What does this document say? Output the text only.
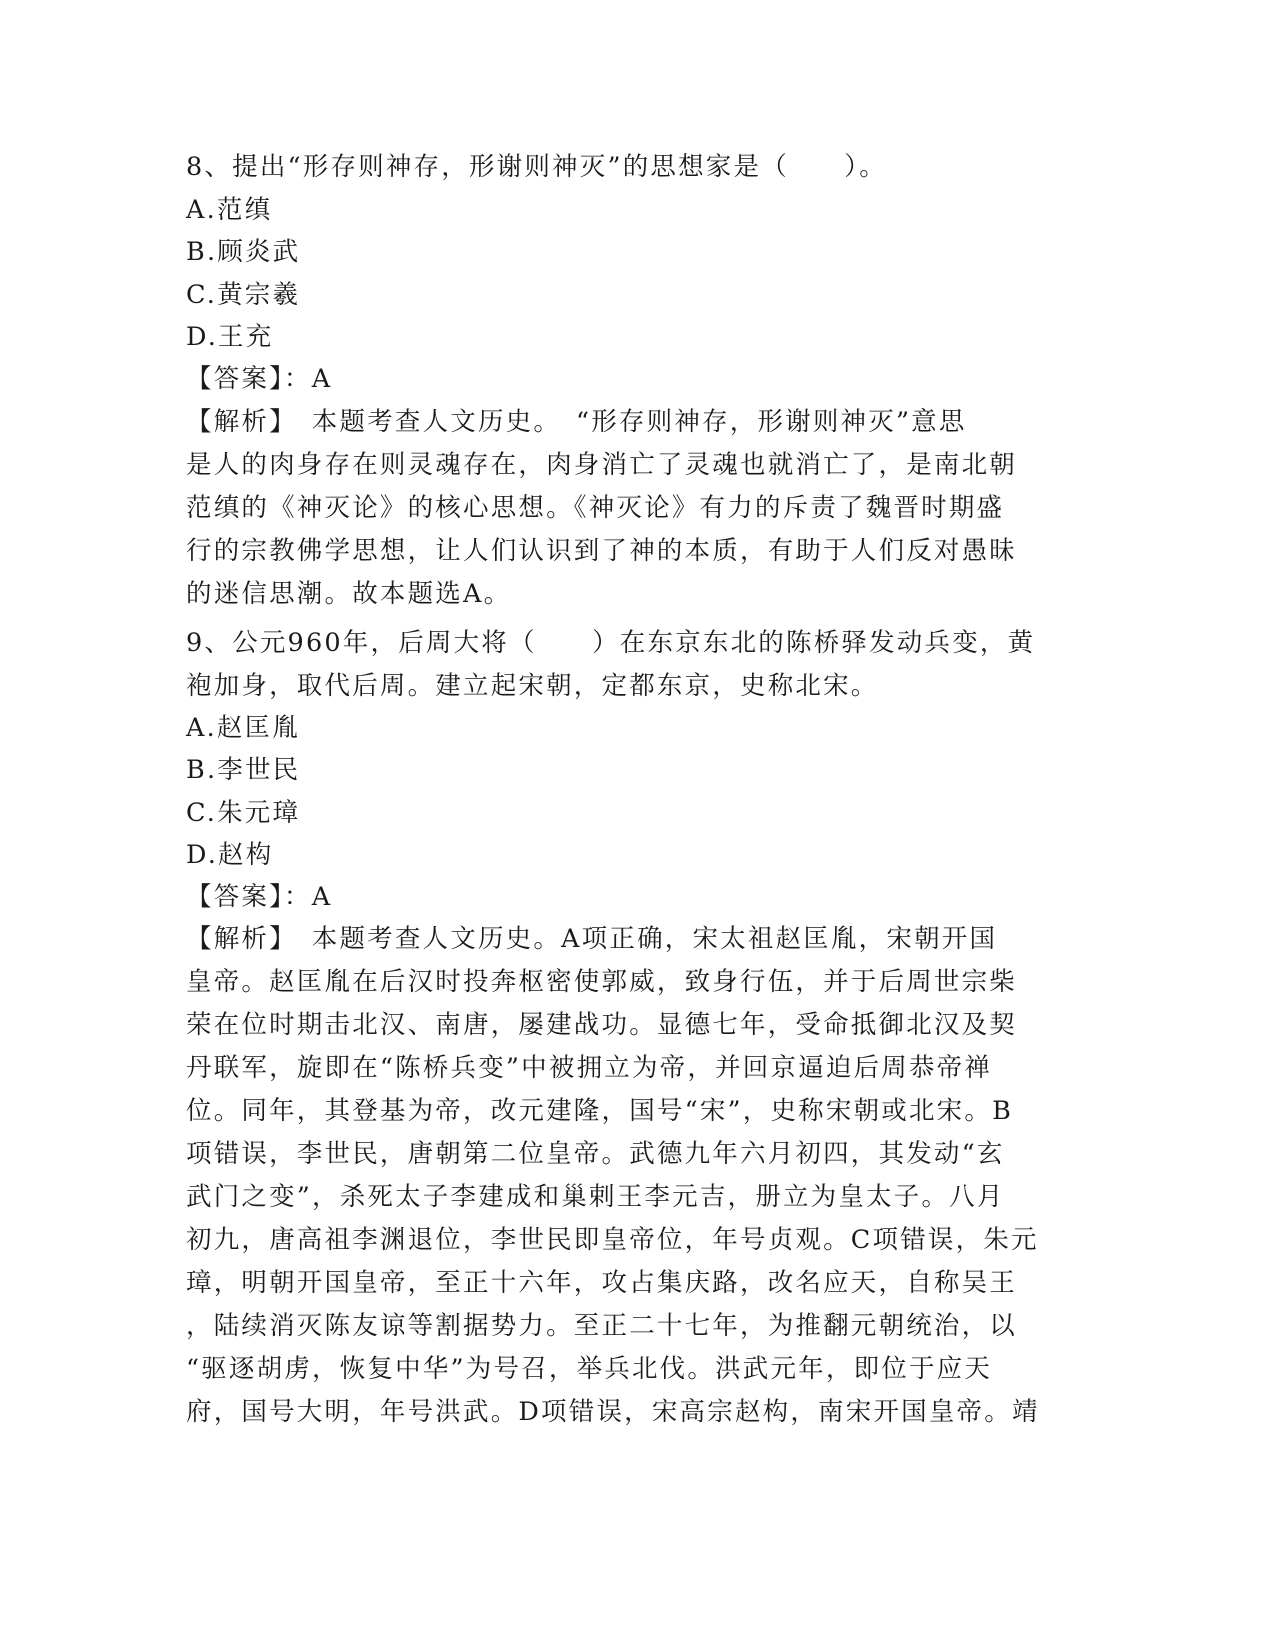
8、提出“形存则神存，形谢则神灭”的思想家是（　　）。
A.范缜
B.顾炎武
C.黄宗羲
D.王充
【答案】：A
【解析】　本题考查人文历史。　“形存则神存，形谢则神灭”意思
是人的肉身存在则灵魂存在，肉身消亡了灵魂也就消亡了，是南北朝
范缜的《神灭论》的核心思想。《神灭论》有力的斥责了魏晋时期盛
行的宗教佛学思想，让人们认识到了神的本质，有助于人们反对愚昧
的迷信思潮。故本题选A。
9、公元960年，后周大将（　　）在东京东北的陈桥驿发动兵变，黄
袍加身，取代后周。建立起宋朝，定都东京，史称北宋。
A.赵匡胤
B.李世民
C.朱元璋
D.赵构
【答案】：A
【解析】　本题考查人文历史。A项正确，宋太祖赵匡胤，宋朝开国
皇帝。赵匡胤在后汉时投奔枢密使郭威，致身行伍，并于后周世宗柴
荣在位时期击北汉、南唐，屡建战功。显德七年，受命抵御北汉及契
丹联军，旋即在“陈桥兵变”中被拥立为帝，并回京逼迫后周恭帝禅
位。同年，其登基为帝，改元建隆，国号“宋”，史称宋朝或北宋。B
项错误，李世民，唐朝第二位皇帝。武德九年六月初四，其发动“玄
武门之变”，杀死太子李建成和巢剌王李元吉，册立为皇太子。八月
初九，唐高祖李渊退位，李世民即皇帝位，年号贞观。C项错误，朱元
璋，明朝开国皇帝，至正十六年，攻占集庆路，改名应天，自称吴王
，陆续消灭陈友谅等割据势力。至正二十七年，为推翻元朝统治，以
“驱逐胡虏，恢复中华”为号召，举兵北伐。洪武元年，即位于应天
府，国号大明，年号洪武。D项错误，宋高宗赵构，南宋开国皇帝。靖
